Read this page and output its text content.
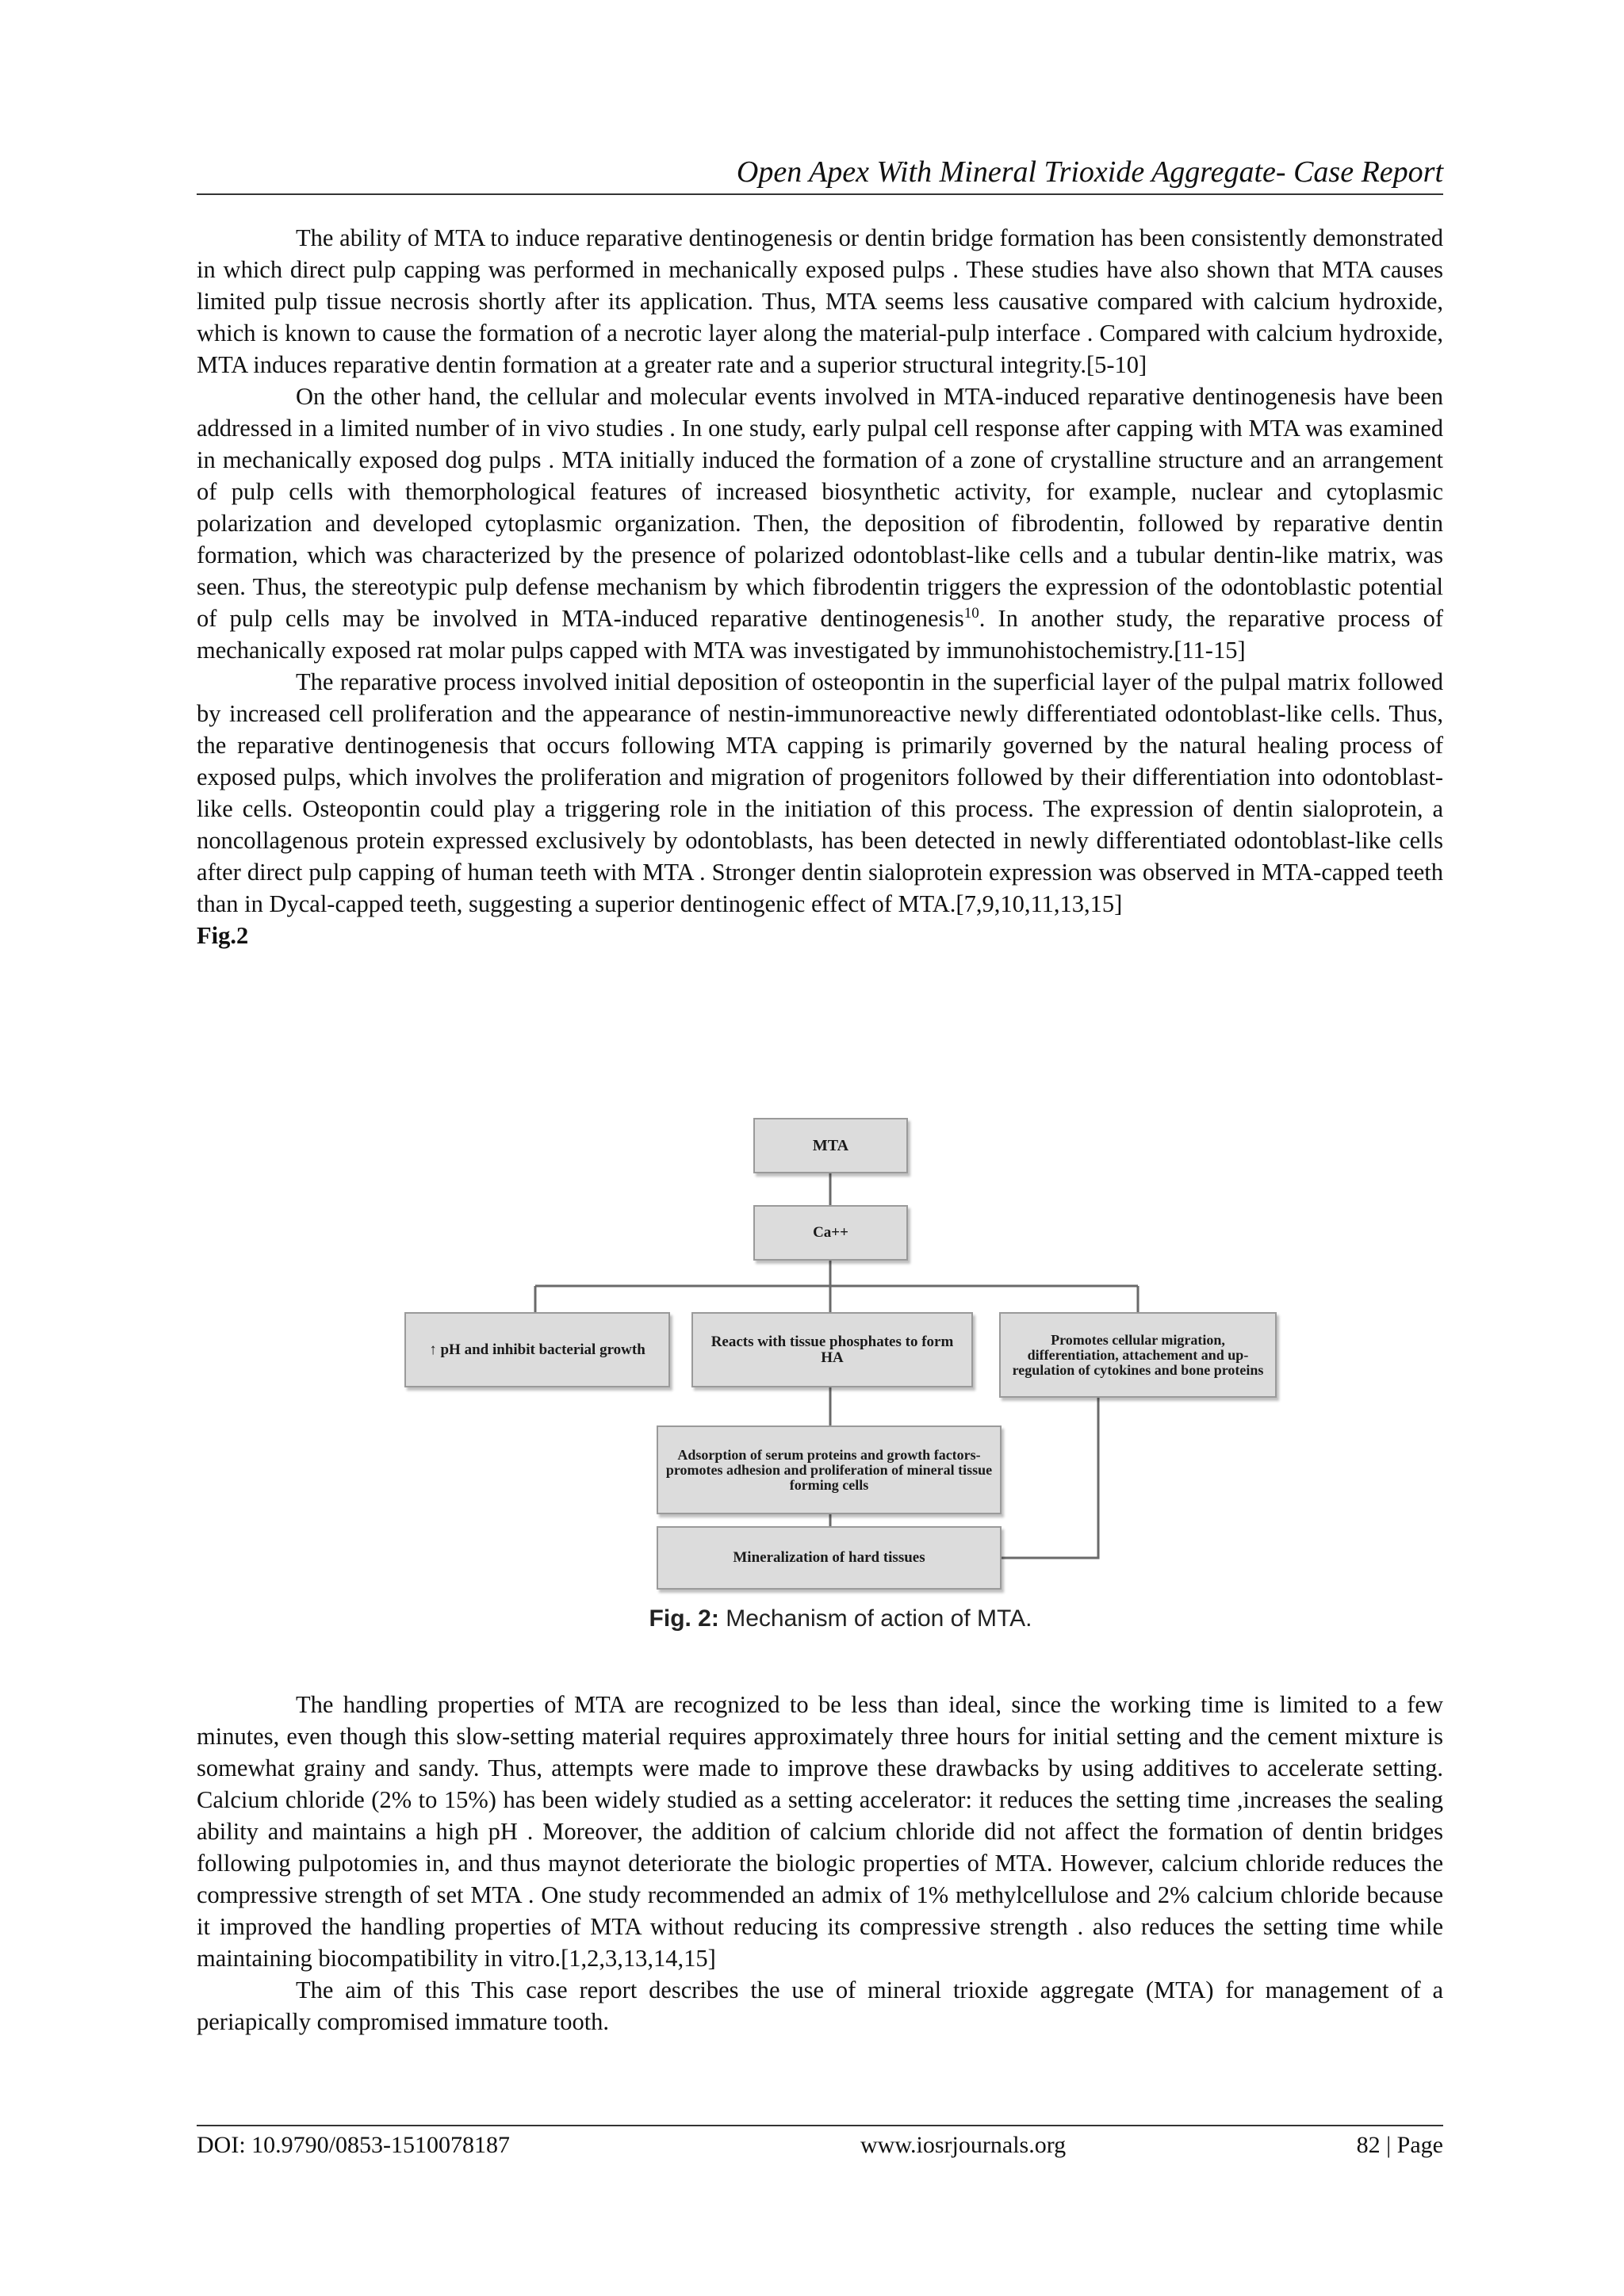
Open Apex With Mineral Trioxide Aggregate- Case Report

The ability of MTA to induce reparative dentinogenesis or dentin bridge formation has been consistently demonstrated in which direct pulp capping was performed in mechanically exposed pulps . These studies have also shown that MTA causes limited pulp tissue necrosis shortly after its application. Thus, MTA seems less causative compared with calcium hydroxide, which is known to cause the formation of a necrotic layer along the material-pulp interface . Compared with calcium hydroxide, MTA induces reparative dentin formation at a greater rate and a superior structural integrity.[5-10]

On the other hand, the cellular and molecular events involved in MTA-induced reparative dentinogenesis have been addressed in a limited number of in vivo studies . In one study, early pulpal cell response after capping with MTA was examined in mechanically exposed dog pulps . MTA initially induced the formation of a zone of crystalline structure and an arrangement of pulp cells with themorphological features of increased biosynthetic activity, for example, nuclear and cytoplasmic polarization and developed cytoplasmic organization. Then, the deposition of fibrodentin, followed by reparative dentin formation, which was characterized by the presence of polarized odontoblast-like cells and a tubular dentin-like matrix, was seen. Thus, the stereotypic pulp defense mechanism by which fibrodentin triggers the expression of the odontoblastic potential of pulp cells may be involved in MTA-induced reparative dentinogenesis$^{10}$. In another study, the reparative process of mechanically exposed rat molar pulps capped with MTA was investigated by immunohistochemistry.[11-15]

The reparative process involved initial deposition of osteopontin in the superficial layer of the pulpal matrix followed by increased cell proliferation and the appearance of nestin-immunoreactive newly differentiated odontoblast-like cells. Thus, the reparative dentinogenesis that occurs following MTA capping is primarily governed by the natural healing process of exposed pulps, which involves the proliferation and migration of progenitors followed by their differentiation into odontoblast-like cells. Osteopontin could play a triggering role in the initiation of this process. The expression of dentin sialoprotein, a noncollagenous protein expressed exclusively by odontoblasts, has been detected in newly differentiated odontoblast-like cells after direct pulp capping of human teeth with MTA . Stronger dentin sialoprotein expression was observed in MTA-capped teeth than in Dycal-capped teeth, suggesting a superior dentinogenic effect of MTA.[7,9,10,11,13,15]

Fig.2

MTA
Ca++
↑ pH and inhibit bacterial growth	Reacts with tissue phosphates to form HA
Promotes cellular migration, differentiation, attachement and up-regulation of cytokines and bone proteins
Adsorption of serum proteins and growth factors-promotes adhesion and proliferation of mineral tissue forming cells
Mineralization of hard tissues
Fig. 2: Mechanism of action of MTA.

The handling properties of MTA are recognized to be less than ideal, since the working time is limited to a few minutes, even though this slow-setting material requires approximately three hours for initial setting and the cement mixture is somewhat grainy and sandy. Thus, attempts were made to improve these drawbacks by using additives to accelerate setting. Calcium chloride (2% to 15%) has been widely studied as a setting accelerator: it reduces the setting time ,increases the sealing ability and maintains a high pH . Moreover, the addition of calcium chloride did not affect the formation of dentin bridges following pulpotomies in, and thus maynot deteriorate the biologic properties of MTA. However, calcium chloride reduces the compressive strength of set MTA . One study recommended an admix of 1% methylcellulose and 2% calcium chloride because it improved the handling properties of MTA without reducing its compressive strength . also reduces the setting time while maintaining biocompatibility in vitro.[1,2,3,13,14,15]

The aim of this This case report describes the use of mineral trioxide aggregate (MTA) for management of a periapically compromised immature tooth.

DOI: 10.9790/0853-1510078187	www.iosrjournals.org	82 | Page
